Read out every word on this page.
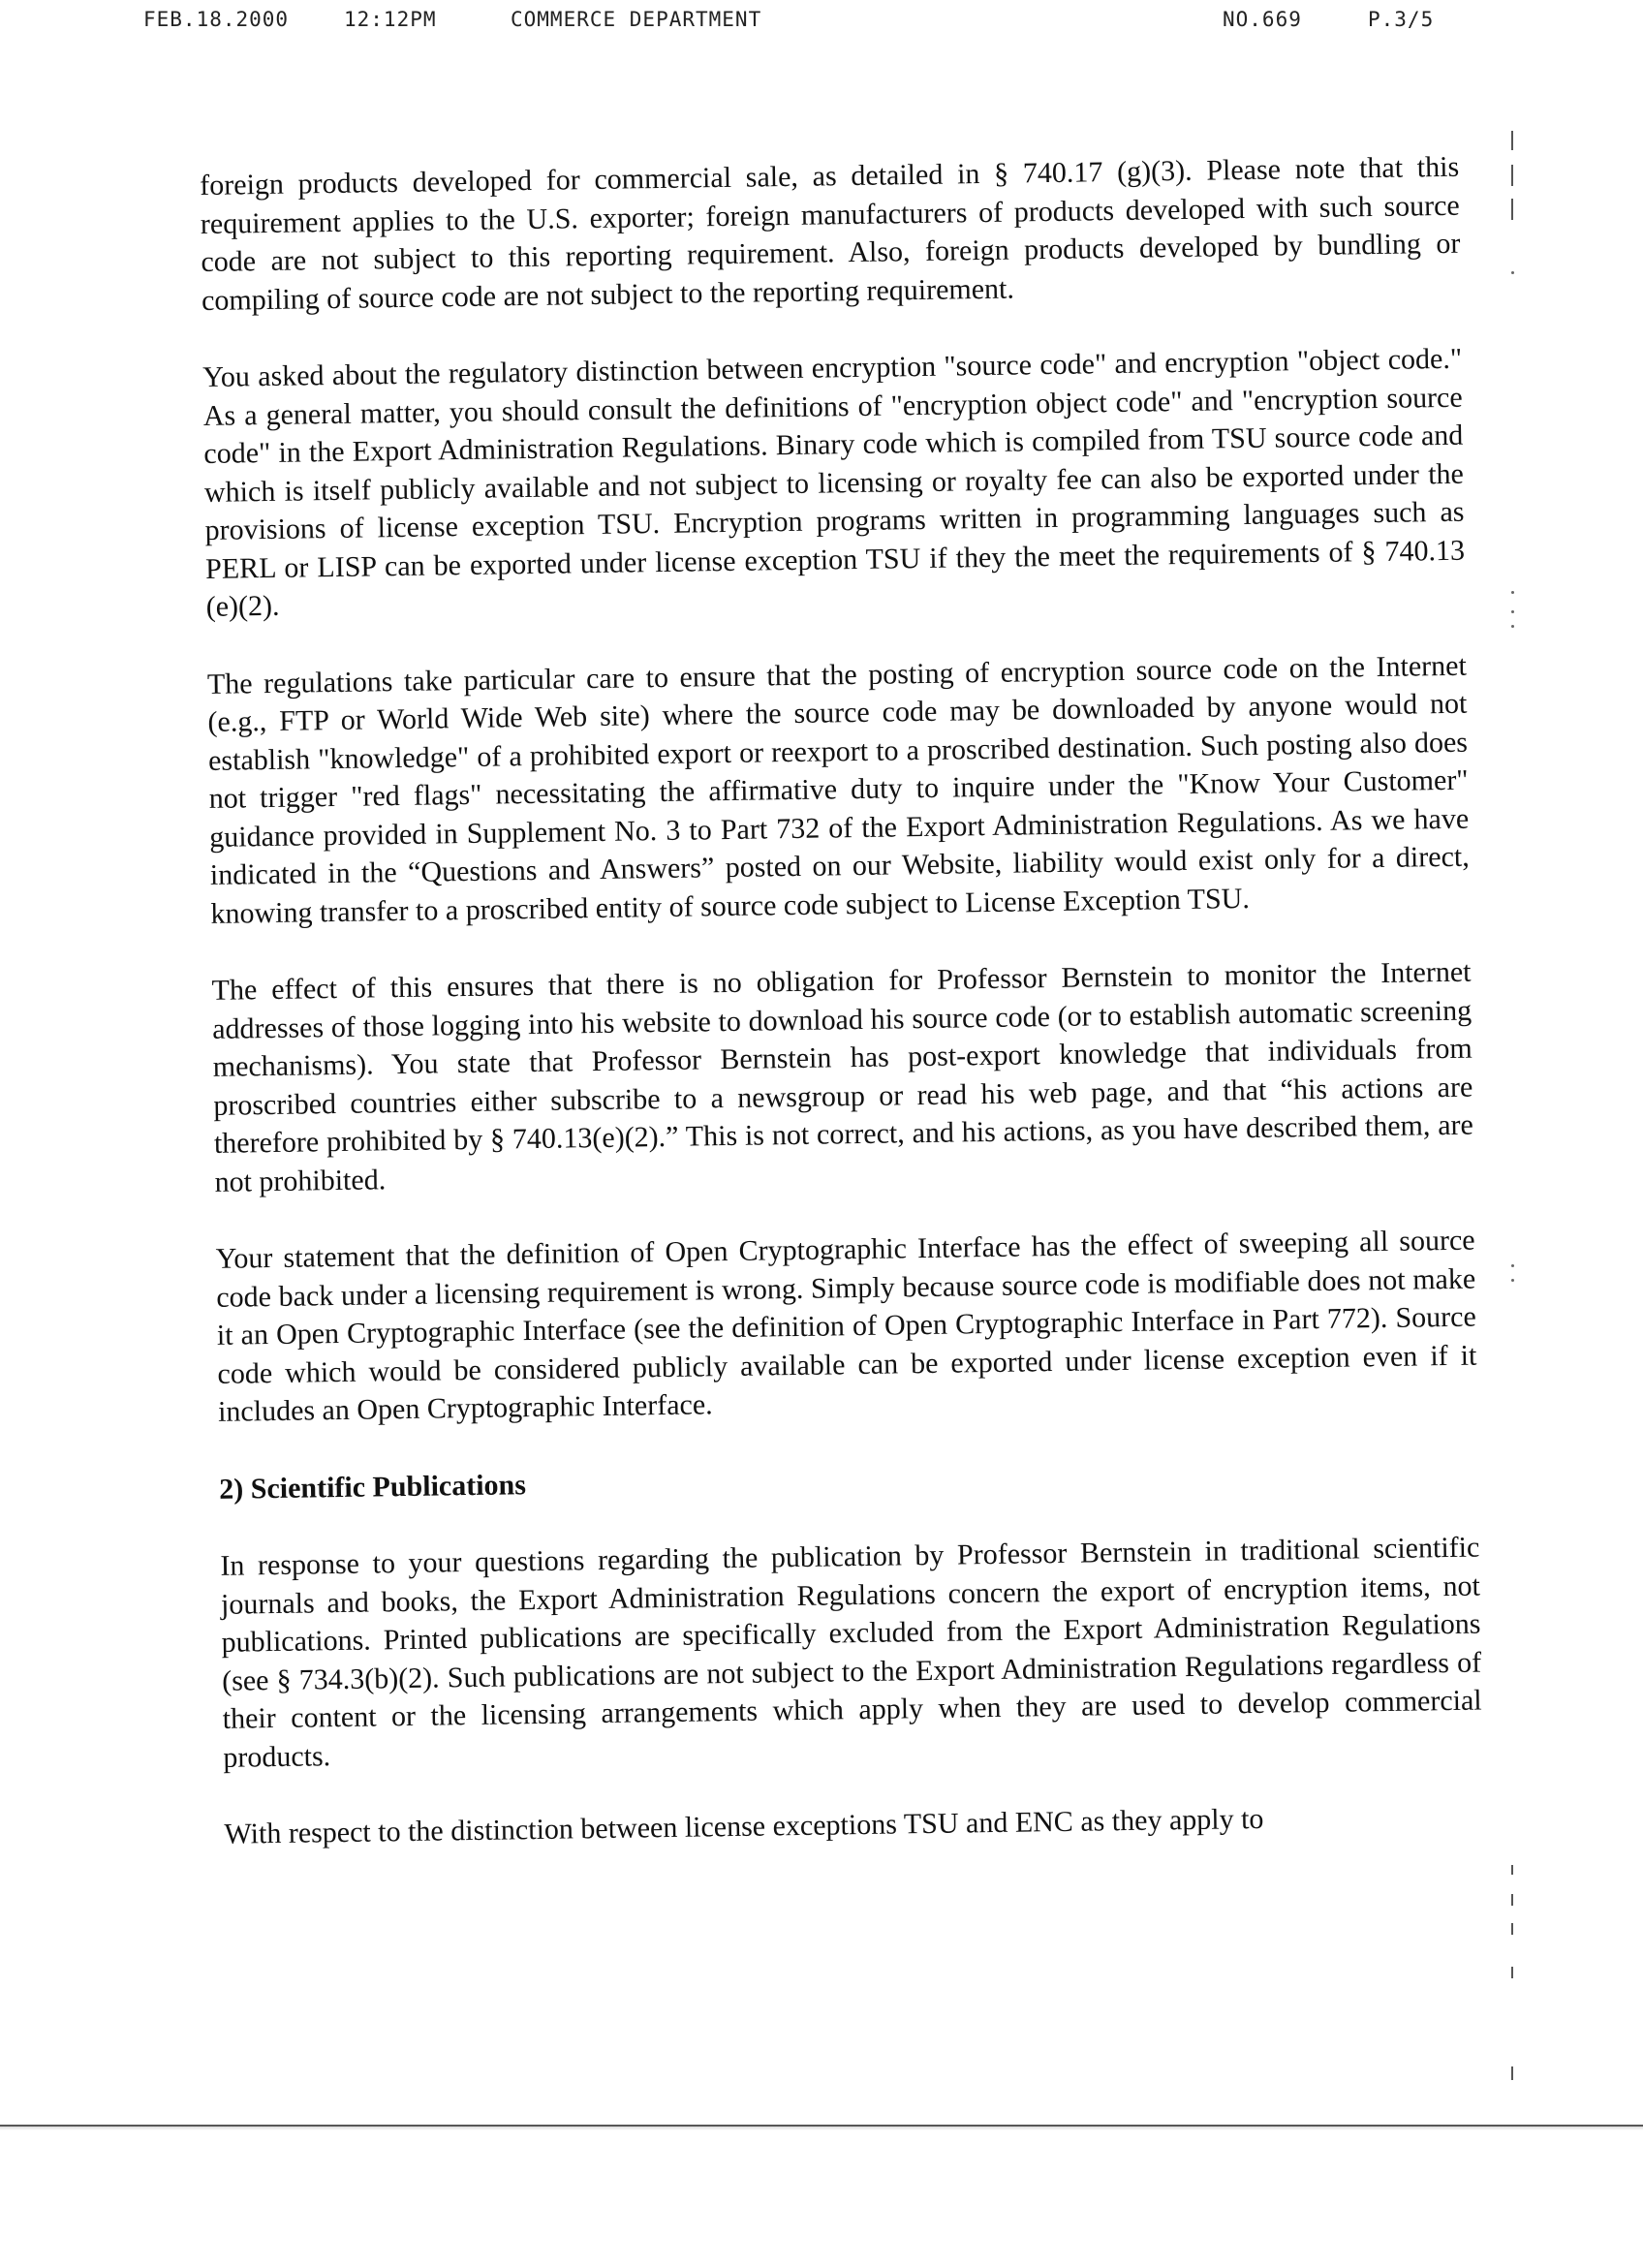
FEB.18.2000	12:12PM	COMMERCE DEPARTMENT	NO.669	P.3/5

foreign products developed for commercial sale, as detailed in § 740.17 (g)(3). Please note that this requirement applies to the U.S. exporter; foreign manufacturers of products developed with such source code are not subject to this reporting requirement. Also, foreign products developed by bundling or compiling of source code are not subject to the reporting requirement.

You asked about the regulatory distinction between encryption "source code" and encryption "object code." As a general matter, you should consult the definitions of "encryption object code" and "encryption source code" in the Export Administration Regulations. Binary code which is compiled from TSU source code and which is itself publicly available and not subject to licensing or royalty fee can also be exported under the provisions of license exception TSU. Encryption programs written in programming languages such as PERL or LISP can be exported under license exception TSU if they the meet the requirements of § 740.13 (e)(2).

The regulations take particular care to ensure that the posting of encryption source code on the Internet (e.g., FTP or World Wide Web site) where the source code may be downloaded by anyone would not establish "knowledge" of a prohibited export or reexport to a proscribed destination. Such posting also does not trigger "red flags" necessitating the affirmative duty to inquire under the "Know Your Customer" guidance provided in Supplement No. 3 to Part 732 of the Export Administration Regulations. As we have indicated in the “Questions and Answers” posted on our Website, liability would exist only for a direct, knowing transfer to a proscribed entity of source code subject to License Exception TSU.

The effect of this ensures that there is no obligation for Professor Bernstein to monitor the Internet addresses of those logging into his website to download his source code (or to establish automatic screening mechanisms). You state that Professor Bernstein has post-export knowledge that individuals from proscribed countries either subscribe to a newsgroup or read his web page, and that “his actions are therefore prohibited by § 740.13(e)(2).” This is not correct, and his actions, as you have described them, are not prohibited.

Your statement that the definition of Open Cryptographic Interface has the effect of sweeping all source code back under a licensing requirement is wrong. Simply because source code is modifiable does not make it an Open Cryptographic Interface (see the definition of Open Cryptographic Interface in Part 772). Source code which would be considered publicly available can be exported under license exception even if it includes an Open Cryptographic Interface.

2) Scientific Publications

In response to your questions regarding the publication by Professor Bernstein in traditional scientific journals and books, the Export Administration Regulations concern the export of encryption items, not publications. Printed publications are specifically excluded from the Export Administration Regulations (see § 734.3(b)(2). Such publications are not subject to the Export Administration Regulations regardless of their content or the licensing arrangements which apply when they are used to develop commercial products.

With respect to the distinction between license exceptions TSU and ENC as they apply to
